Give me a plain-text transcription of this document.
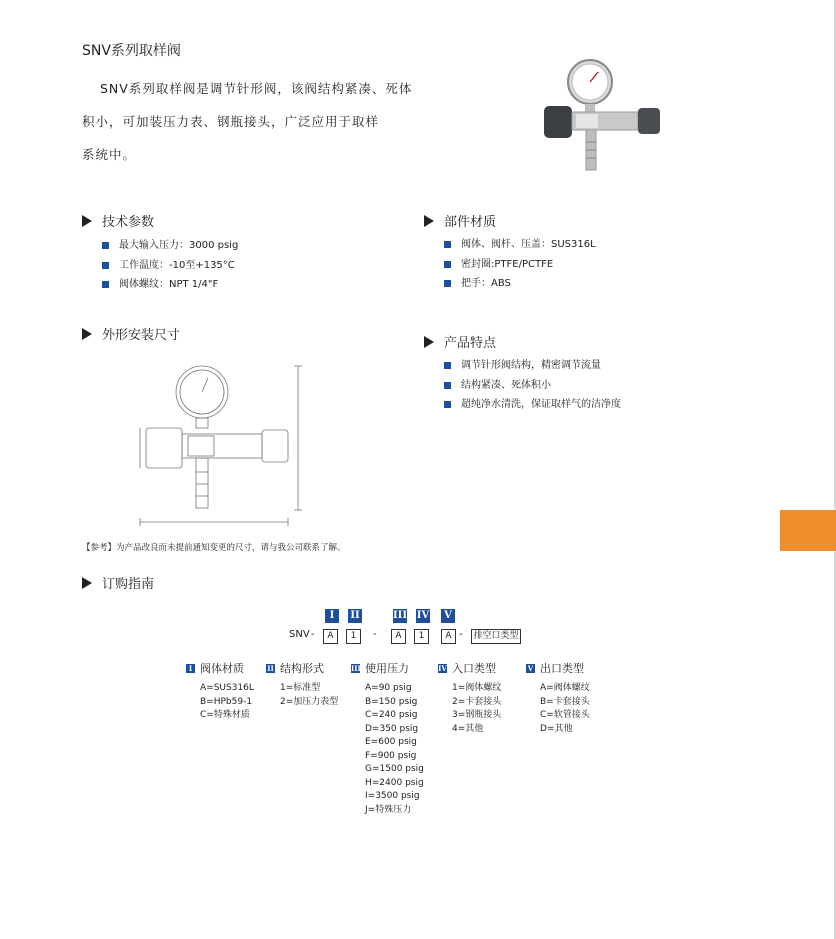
SNV系列取样阀
SNV系列取样阀是调节针形阀，该阀结构紧凑、死体
积小，可加装压力表、钢瓶接头，广泛应用于取样
系统中。
技术参数
最大输入压力：3000 psig
工作温度：-10至+135°C
阀体螺纹：NPT 1/4"F
部件材质
阀体、阀杆、压盖：SUS316L
密封圈:PTFE/PCTFE
把手：ABS
外形安装尺寸
产品特点
调节针形阀结构，精密调节流量
结构紧凑、死体积小
超纯净水清洗，保证取样气的洁净度
【参考】为产品改良而未提前通知变更的尺寸，请与我公司联系了解。
订购指南
I	II	III IV	V
SNV -	A	1	-	A	1	A - 排空口类型
I 阀体材质
A=SUS316L
B=HPb59-1
C=特殊材质
II 结构形式
1=标准型
2=加压力表型
III 使用压力
A=90 psig
B=150 psig
C=240 psig
D=350 psig
E=600 psig
F=900 psig
G=1500 psig
H=2400 psig
I=3500 psig
J=特殊压力
IV 入口类型
1=阀体螺纹
2=卡套接头
3=钢瓶接头
4=其他
V 出口类型
A=阀体螺纹
B=卡套接头
C=软管接头
D=其他
